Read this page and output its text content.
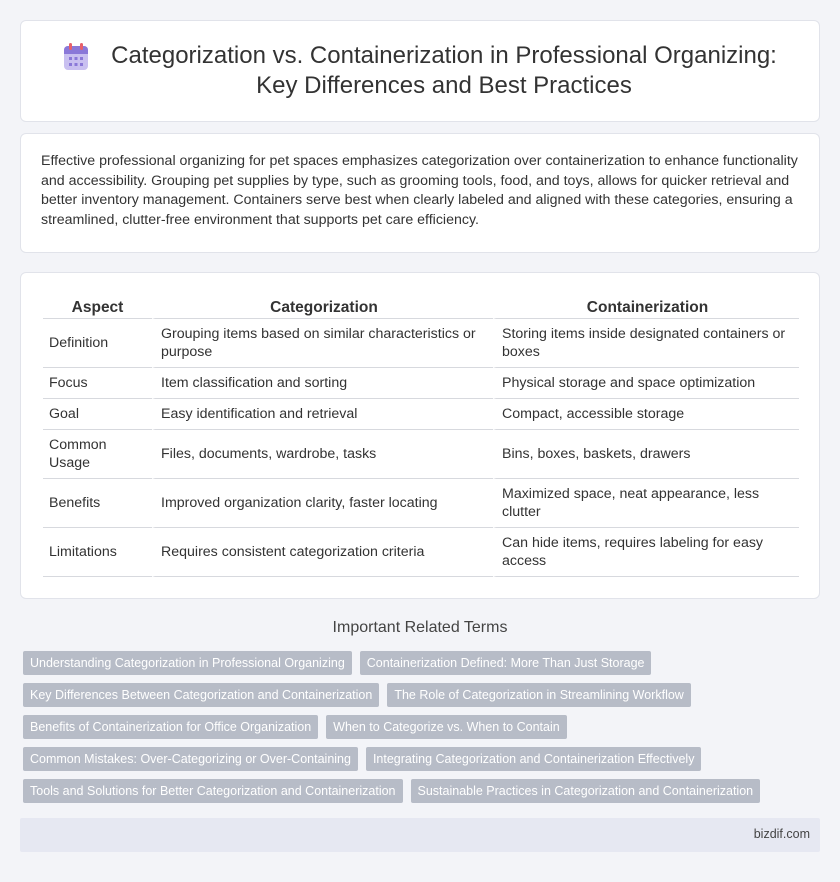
Categorization vs. Containerization in Professional Organizing:
Key Differences and Best Practices

Effective professional organizing for pet spaces emphasizes categorization over containerization to enhance functionality and accessibility. Grouping pet supplies by type, such as grooming tools, food, and toys, allows for quicker retrieval and better inventory management. Containers serve best when clearly labeled and aligned with these categories, ensuring a streamlined, clutter-free environment that supports pet care efficiency.

Aspect	Categorization	Containerization
Definition	Grouping items based on similar characteristics or purpose	Storing items inside designated containers or boxes
Focus	Item classification and sorting	Physical storage and space optimization
Goal	Easy identification and retrieval	Compact, accessible storage
Common Usage	Files, documents, wardrobe, tasks	Bins, boxes, baskets, drawers
Benefits	Improved organization clarity, faster locating	Maximized space, neat appearance, less clutter
Limitations	Requires consistent categorization criteria	Can hide items, requires labeling for easy access
Important Related Terms
Understanding Categorization in Professional Organizing	Containerization Defined: More Than Just Storage
Key Differences Between Categorization and Containerization	The Role of Categorization in Streamlining Workflow
Benefits of Containerization for Office Organization	When to Categorize vs. When to Contain
Common Mistakes: Over-Categorizing or Over-Containing	Integrating Categorization and Containerization Effectively
Tools and Solutions for Better Categorization and Containerization	Sustainable Practices in Categorization and Containerization
bizdif.com
